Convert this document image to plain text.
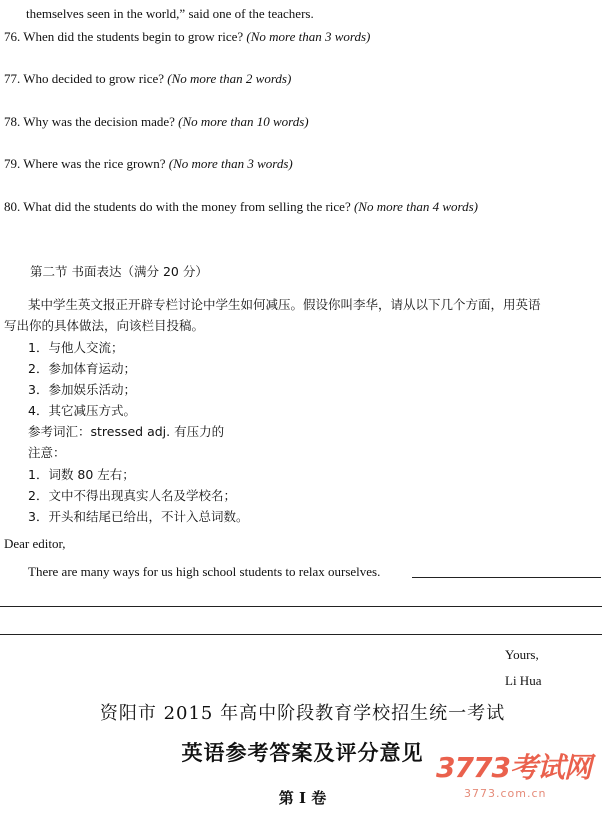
themselves seen in the world,” said one of the teachers.
76. When did the students begin to grow rice? (No more than 3 words)
77. Who decided to grow rice? (No more than 2 words)
78. Why was the decision made? (No more than 10 words)
79. Where was the rice grown? (No more than 3 words)
80. What did the students do with the money from selling the rice? (No more than 4 words)
第二节 书面表达（满分 20 分）
某中学生英文报正开辟专栏讨论中学生如何减压。假设你叫李华，请从以下几个方面，用英语
写出你的具体做法，向该栏目投稿。
1．与他人交流；
2．参加体育运动；
3．参加娱乐活动；
4．其它减压方式。
参考词汇：stressed adj. 有压力的
注意：
1．词数 80 左右；
2．文中不得出现真实人名及学校名；
3．开头和结尾已给出，不计入总词数。
Dear editor,
There are many ways for us high school students to relax ourselves.
Yours,
Li Hua
资阳市 2015 年高中阶段教育学校招生统一考试
英语参考答案及评分意见
第 I 卷
3773考试网
3773.com.cn
